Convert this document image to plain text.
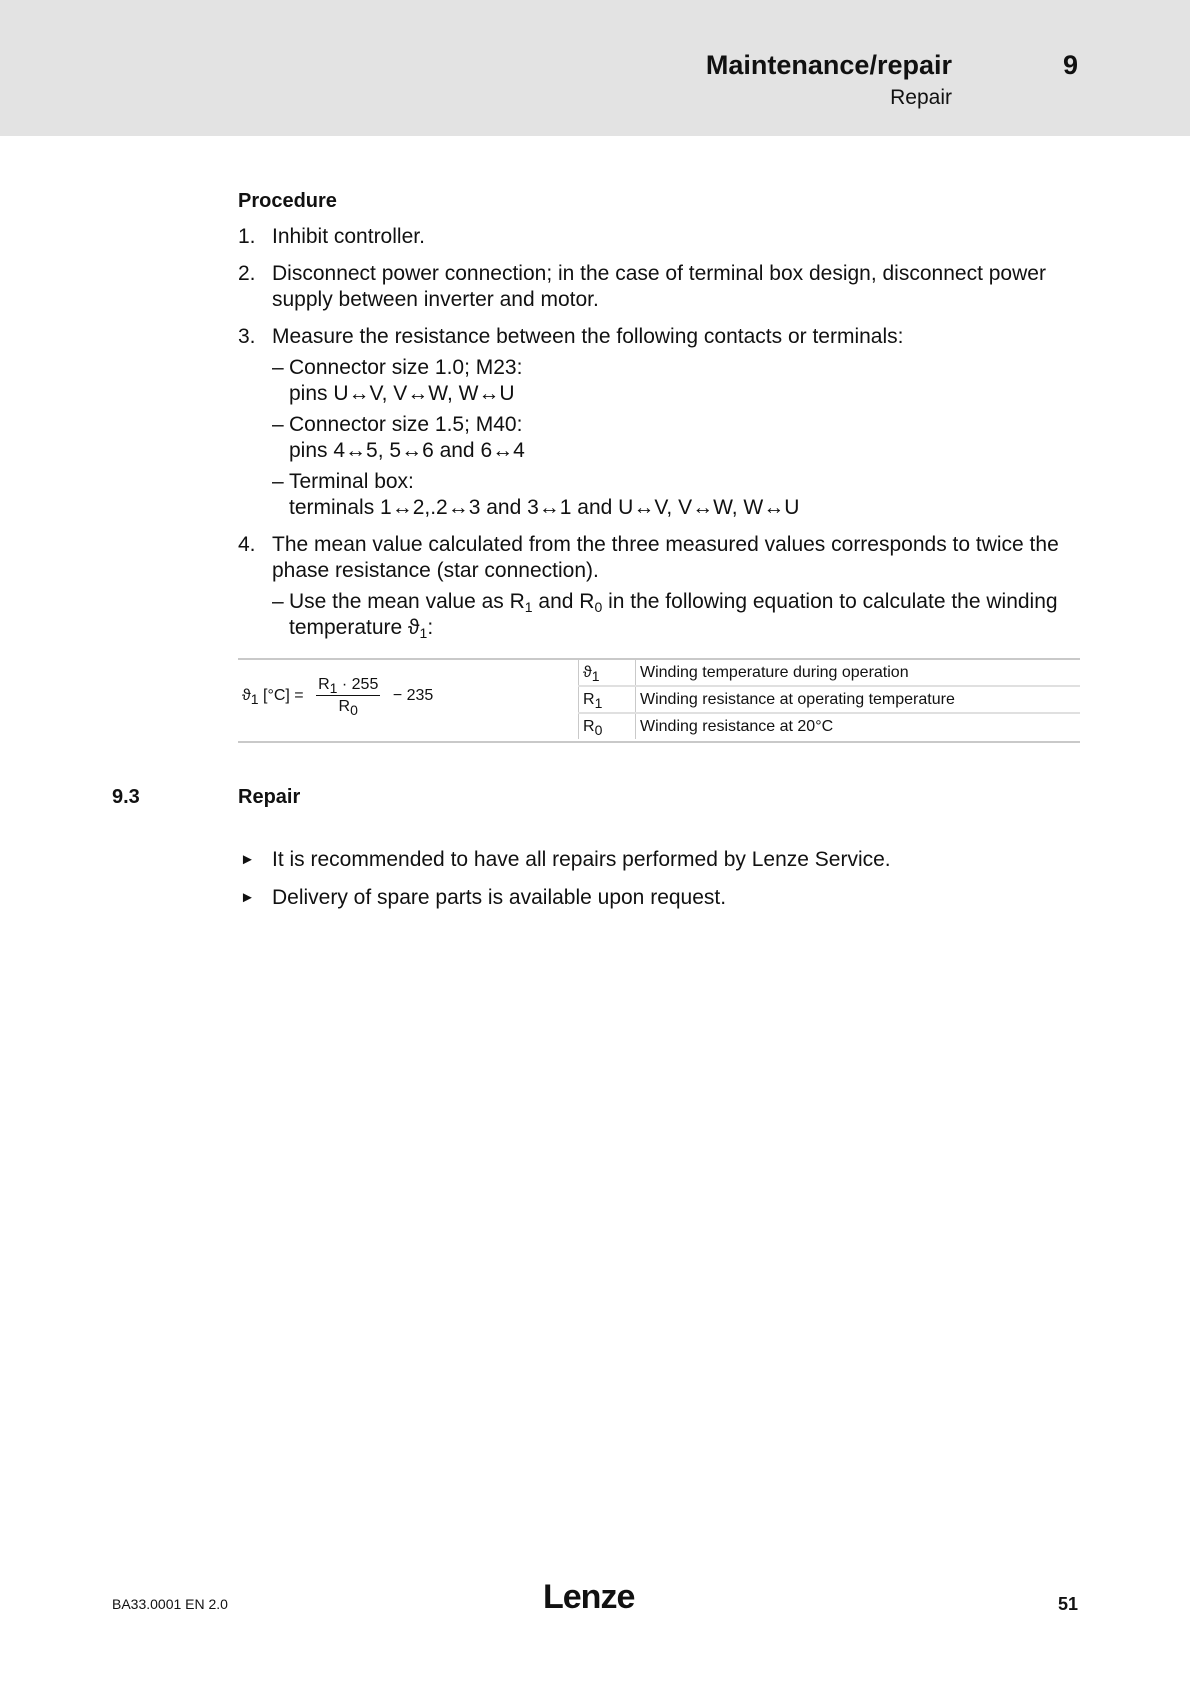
Maintenance/repair
Repair
9
Procedure
1. Inhibit controller.
2. Disconnect power connection; in the case of terminal box design, disconnect power supply between inverter and motor.
3. Measure the resistance between the following contacts or terminals:
– Connector size 1.0; M23:
pins U↔V, V↔W, W↔U
– Connector size 1.5; M40:
pins 4↔5, 5↔6 and 6↔4
– Terminal box:
terminals 1↔2,.2↔3 and 3↔1 and U↔V, V↔W, W↔U
4. The mean value calculated from the three measured values corresponds to twice the phase resistance (star connection).
– Use the mean value as $R_1$ and $R_0$ in the following equation to calculate the winding temperature $ϑ_1$:
$ϑ_1$ $[^\circ C] = \frac{R_1 \cdot 255}{R_0} - 235$
$ϑ_1$	Winding temperature during operation
$R_1$	Winding resistance at operating temperature
$R_0$	Winding resistance at 20°C
9.3	Repair
► It is recommended to have all repairs performed by Lenze Service.
► Delivery of spare parts is available upon request.
BA33.0001 EN 2.0	Lenze	51
